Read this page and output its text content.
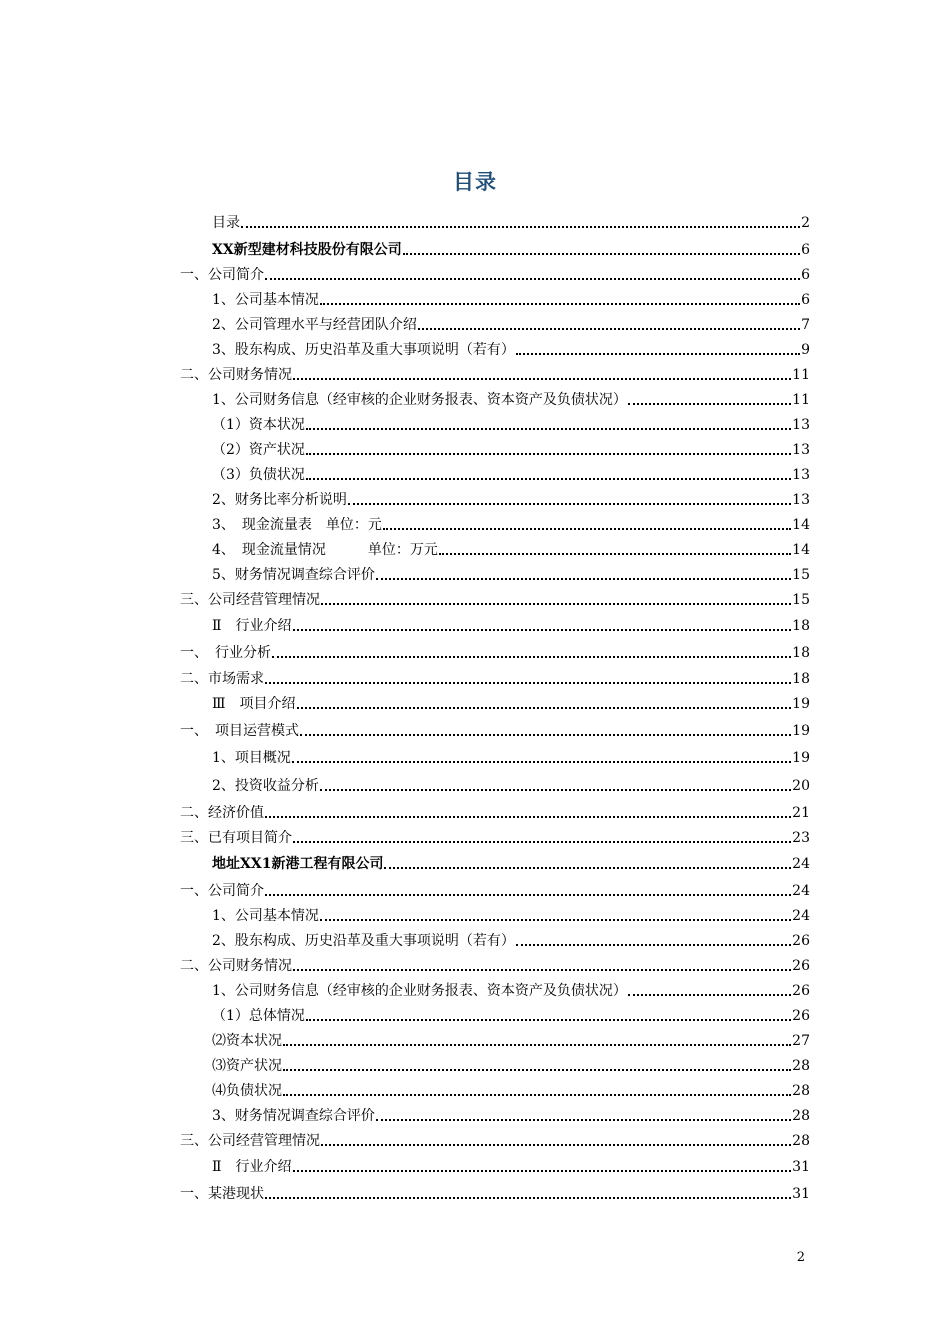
目录
目录	2
XX新型建材科技股份有限公司	6
一、公司简介	6
1、公司基本情况	6
2、公司管理水平与经营团队介绍	7
3、股东构成、历史沿革及重大事项说明（若有）	9
二、公司财务情况	11
1、公司财务信息（经审核的企业财务报表、资本资产及负债状况）	11
（1）资本状况	13
（2）资产状况	13
（3）负债状况	13
2、财务比率分析说明	13
3、　现金流量表　单位：元	14
4、　现金流量情况　　　单位：万元	14
5、财务情况调查综合评价	15
三、公司经营管理情况	15
Ⅱ　行业介绍	18
一、　行业分析	18
二、市场需求	18
Ⅲ　项目介绍	19
一、　项目运营模式	19
1、项目概况	19
2、投资收益分析	20
二、经济价值	21
三、已有项目简介	23
地址XX1新港工程有限公司	24
一、公司简介	24
1、公司基本情况	24
2、股东构成、历史沿革及重大事项说明（若有）	26
二、公司财务情况	26
1、公司财务信息（经审核的企业财务报表、资本资产及负债状况）	26
（1）总体情况	26
⑵资本状况	27
⑶资产状况	28
⑷负债状况	28
3、财务情况调查综合评价	28
三、公司经营管理情况	28
Ⅱ　行业介绍	31
一、某港现状	31
2
